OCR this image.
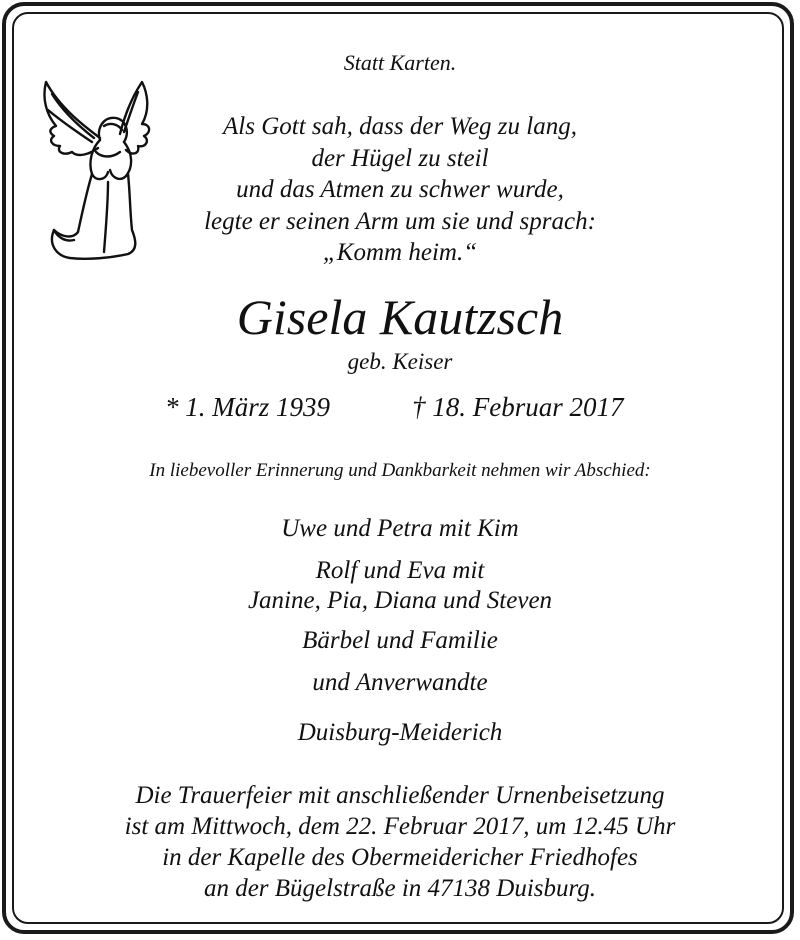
Statt Karten.

Als Gott sah, dass der Weg zu lang,

der Hügel zu steil

und das Atmen zu schwer wurde,

legte er seinen Arm um sie und sprach:

„Komm heim.“

Gisela Kautzsch

geb. Keiser

* 1. März 1939	† 18. Februar 2017

In liebevoller Erinnerung und Dankbarkeit nehmen wir Abschied:

Uwe und Petra mit Kim

Rolf und Eva mit

Janine, Pia, Diana und Steven

Bärbel und Familie

und Anverwandte

Duisburg-Meiderich

Die Trauerfeier mit anschließender Urnenbeisetzung

ist am Mittwoch, dem 22. Februar 2017, um 12.45 Uhr

in der Kapelle des Obermeidericher Friedhofes

an der Bügelstraße in 47138 Duisburg.
